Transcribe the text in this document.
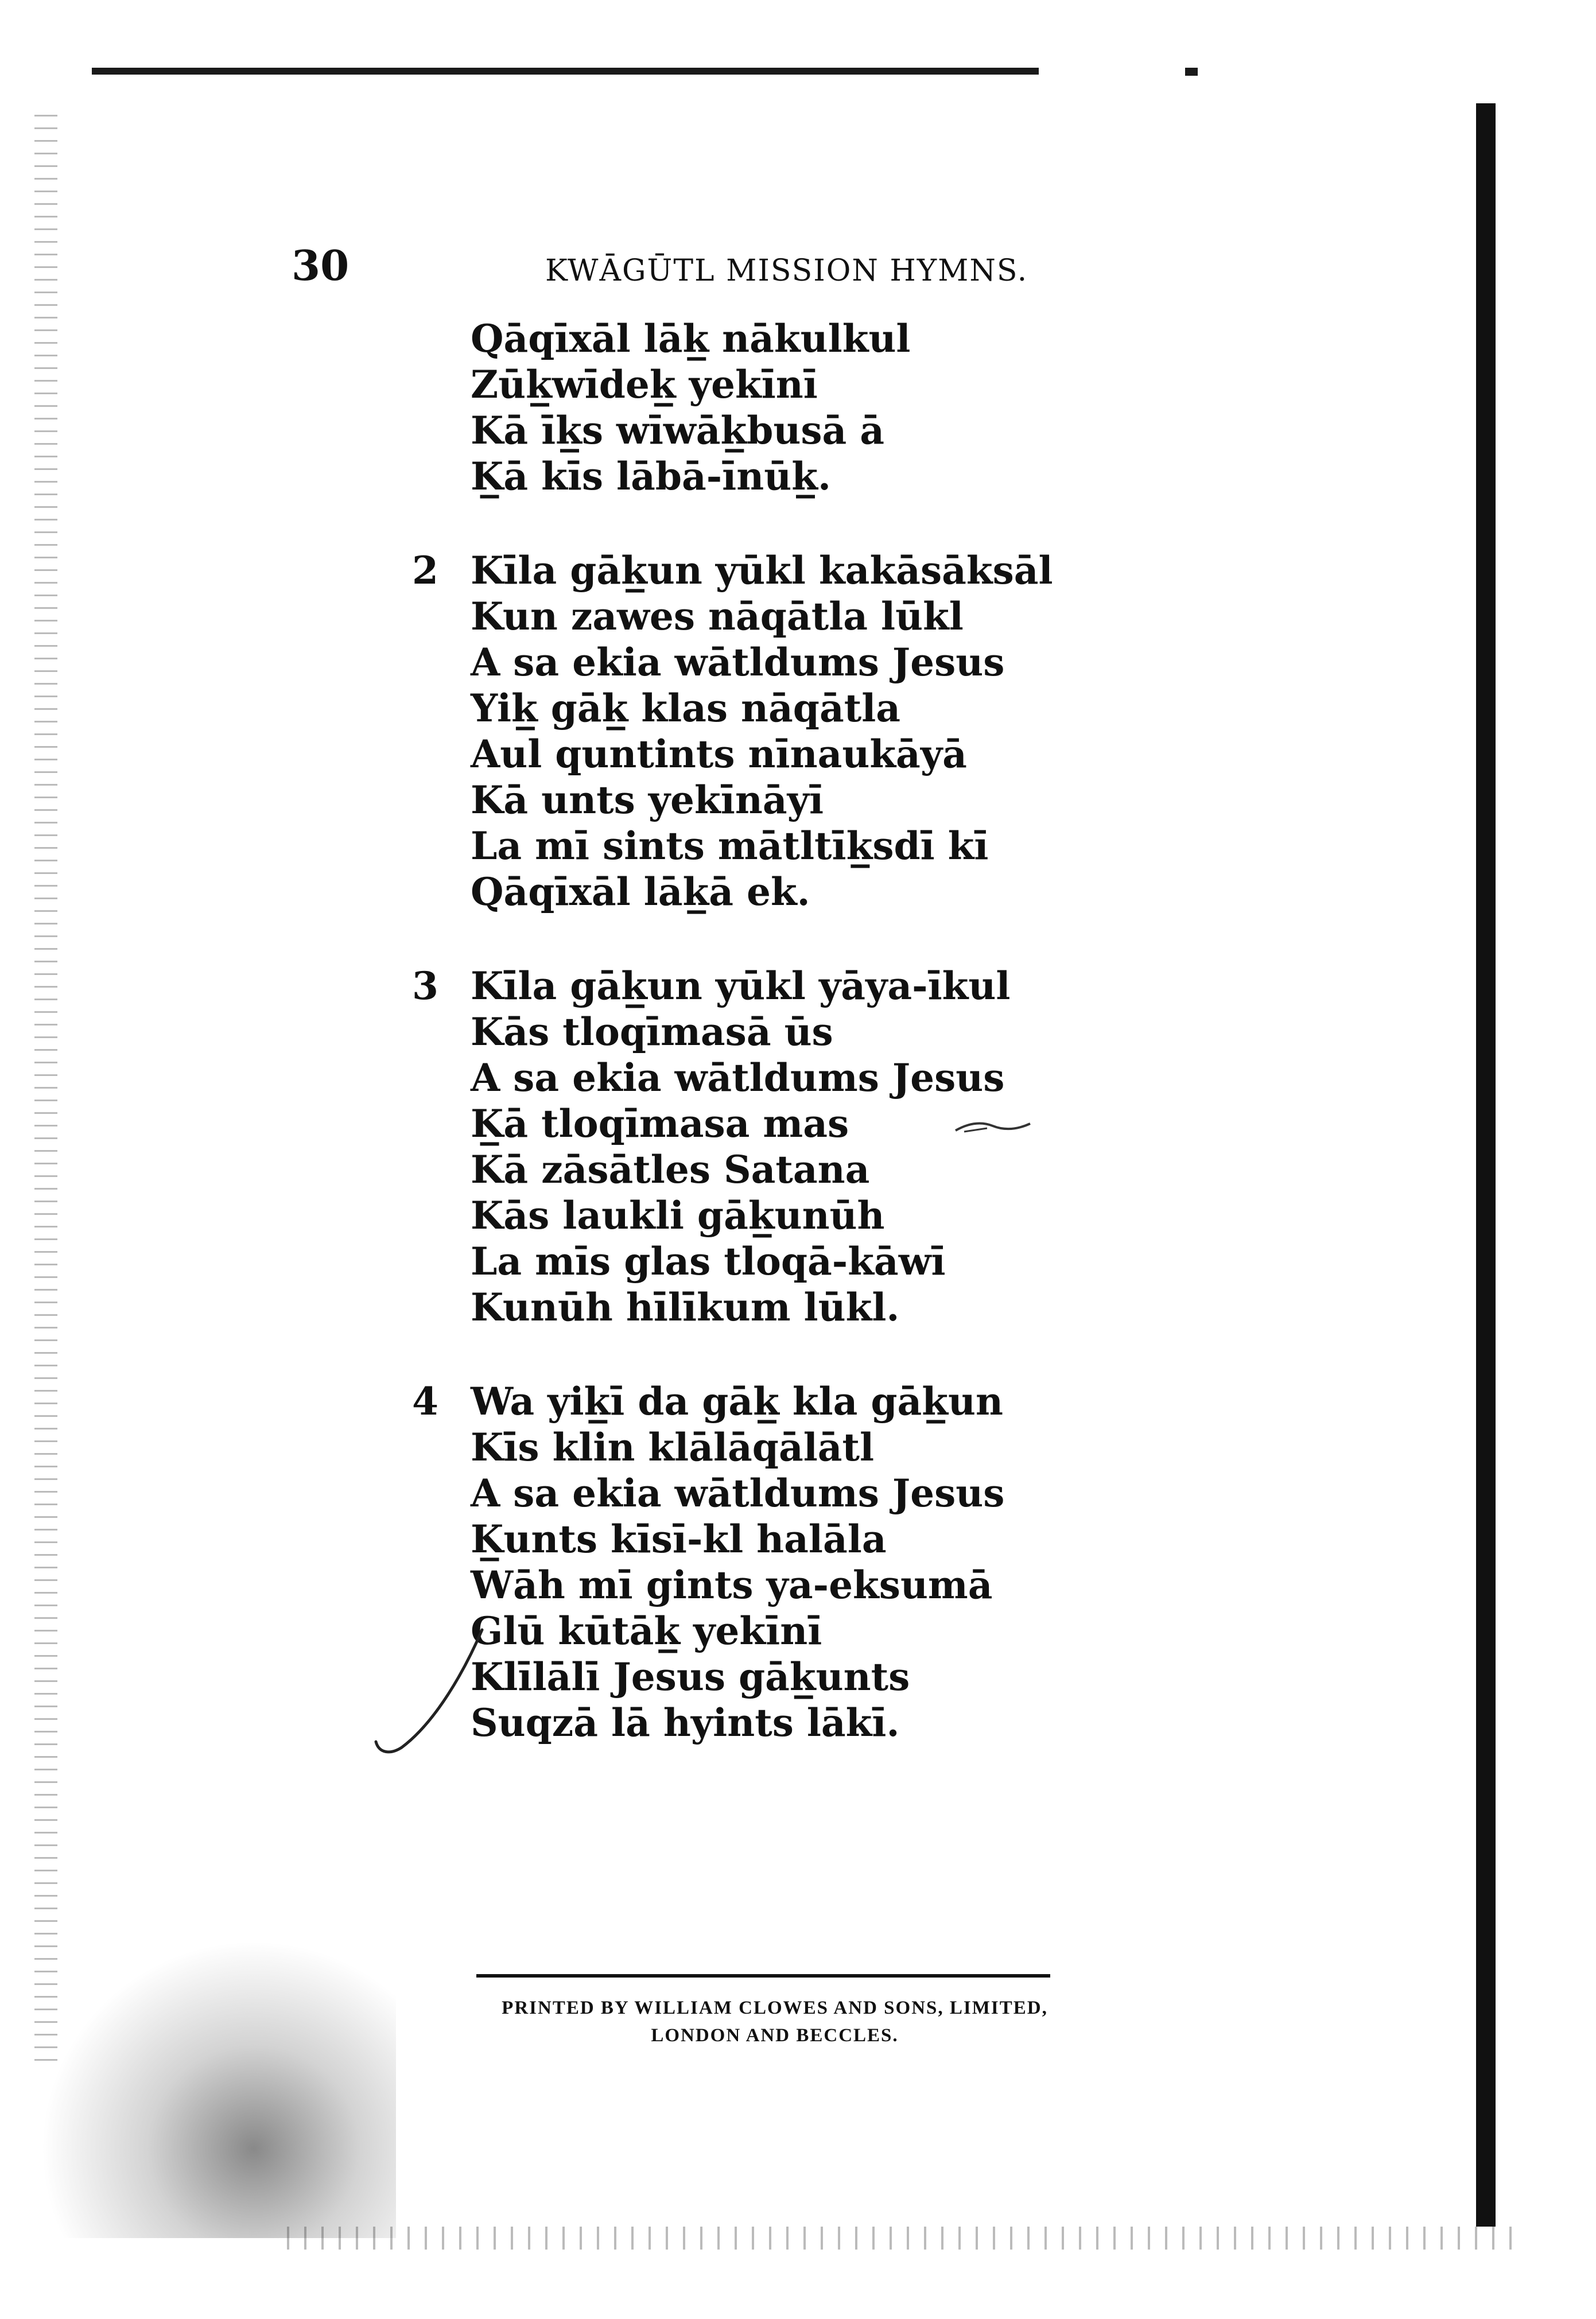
30	KWĀGŪTL MISSION HYMNS.
Qāqīxāl lāk̲ nākulkul
Zūk̲wīdek̲ yekīnī
Kā īk̲s wīwāk̲busā ā
K̲ā kīs lābā-īnūk̲.
2 Kīla gāk̲un yūkl kakāsāksāl
Kun zawes nāqātla lūkl
A sa ekia wātldums Jesus
Yik̲ gāk̲ klas nāqātla
Aul quntints nīnaukāyā
Kā unts yekīnāyī
La mī sints mātltīk̲sdī kī
Qāqīxāl lāk̲ā ek.
3 Kīla gāk̲un yūkl yāya-īkul
Kās tloqīmasā ūs
A sa ekia wātldums Jesus
K̲ā tloqīmasa mas
Kā zāsātles Satana
Kās laukli gāk̲unūh
La mīs glas tloqā-kāwī
Kunūh hīlīkum lūkl.
4 Wa yik̲ī da gāk̲ kla gāk̲un
Kīs klin klālāqālātl
A sa ekia wātldums Jesus
K̲unts kīsī-kl halāla
Wāh mī gints ya-eksumā
Glū kūtāk̲ yekīnī
Klīlālī Jesus gāk̲unts
Suqzā lā hyints lākī.
PRINTED BY WILLIAM CLOWES AND SONS, LIMITED,
LONDON AND BECCLES.
